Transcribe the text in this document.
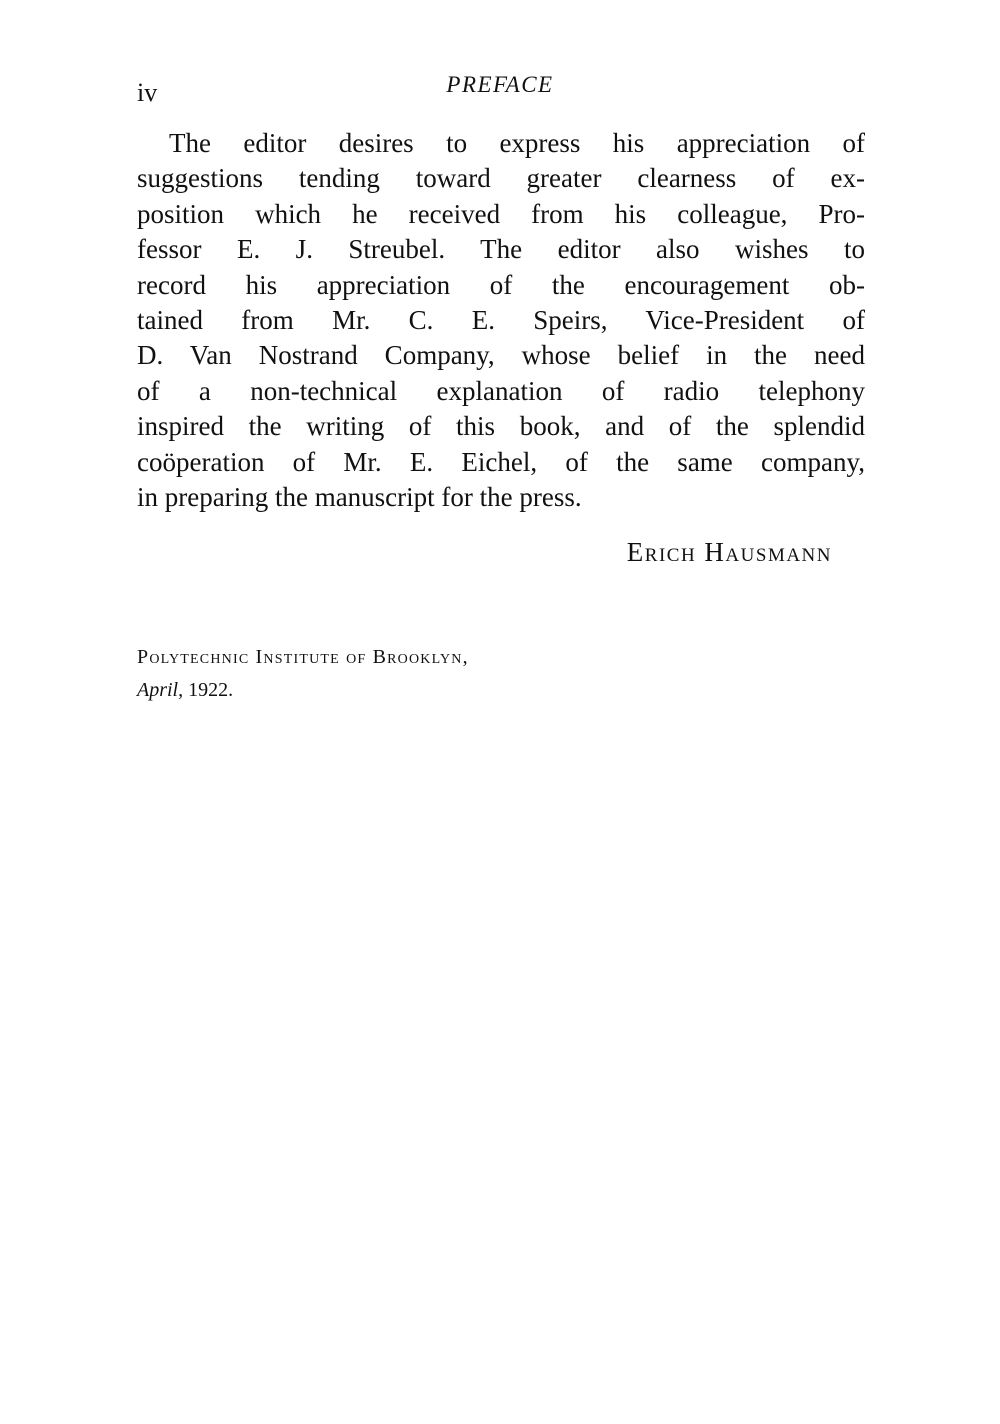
iv	PREFACE

The editor desires to express his appreciation of
suggestions tending toward greater clearness of ex-
position which he received from his colleague, Pro-
fessor E. J. Streubel. The editor also wishes to
record his appreciation of the encouragement ob-
tained from Mr. C. E. Speirs, Vice-President of
D. Van Nostrand Company, whose belief in the need
of a non-technical explanation of radio telephony
inspired the writing of this book, and of the splendid
coöperation of Mr. E. Eichel, of the same company,
in preparing the manuscript for the press.

Erich Hausmann
Polytechnic Institute of Brooklyn,
April, 1922.
